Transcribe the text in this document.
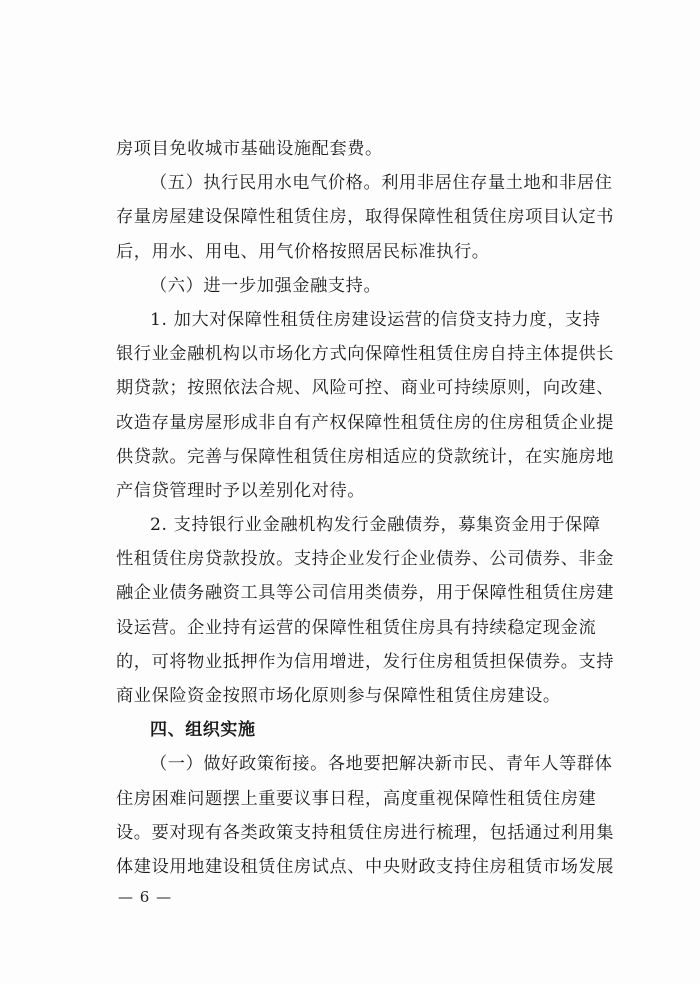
房项目免收城市基础设施配套费。
（五）执行民用水电气价格。利用非居住存量土地和非居住
存量房屋建设保障性租赁住房，取得保障性租赁住房项目认定书
后，用水、用电、用气价格按照居民标准执行。
（六）进一步加强金融支持。
1. 加大对保障性租赁住房建设运营的信贷支持力度，支持
银行业金融机构以市场化方式向保障性租赁住房自持主体提供长
期贷款；按照依法合规、风险可控、商业可持续原则，向改建、
改造存量房屋形成非自有产权保障性租赁住房的住房租赁企业提
供贷款。完善与保障性租赁住房相适应的贷款统计，在实施房地
产信贷管理时予以差别化对待。
2. 支持银行业金融机构发行金融债券，募集资金用于保障
性租赁住房贷款投放。支持企业发行企业债券、公司债券、非金
融企业债务融资工具等公司信用类债券，用于保障性租赁住房建
设运营。企业持有运营的保障性租赁住房具有持续稳定现金流
的，可将物业抵押作为信用增进，发行住房租赁担保债券。支持
商业保险资金按照市场化原则参与保障性租赁住房建设。
四、组织实施
（一）做好政策衔接。各地要把解决新市民、青年人等群体
住房困难问题摆上重要议事日程，高度重视保障性租赁住房建
设。要对现有各类政策支持租赁住房进行梳理，包括通过利用集
体建设用地建设租赁住房试点、中央财政支持住房租赁市场发展
— 6 —
